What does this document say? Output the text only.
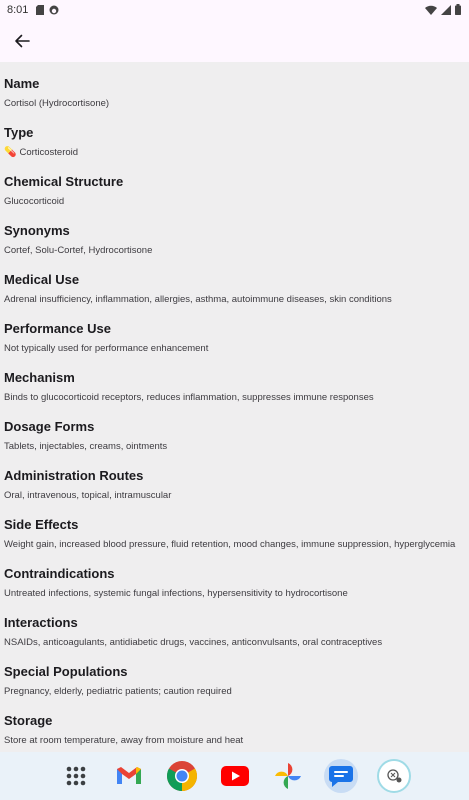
8:01
Name
Cortisol (Hydrocortisone)
Type
💊 Corticosteroid
Chemical Structure
Glucocorticoid
Synonyms
Cortef, Solu-Cortef, Hydrocortisone
Medical Use
Adrenal insufficiency, inflammation, allergies, asthma, autoimmune diseases, skin conditions
Performance Use
Not typically used for performance enhancement
Mechanism
Binds to glucocorticoid receptors, reduces inflammation, suppresses immune responses
Dosage Forms
Tablets, injectables, creams, ointments
Administration Routes
Oral, intravenous, topical, intramuscular
Side Effects
Weight gain, increased blood pressure, fluid retention, mood changes, immune suppression, hyperglycemia
Contraindications
Untreated infections, systemic fungal infections, hypersensitivity to hydrocortisone
Interactions
NSAIDs, anticoagulants, antidiabetic drugs, vaccines, anticonvulsants, oral contraceptives
Special Populations
Pregnancy, elderly, pediatric patients; caution required
Storage
Store at room temperature, away from moisture and heat
